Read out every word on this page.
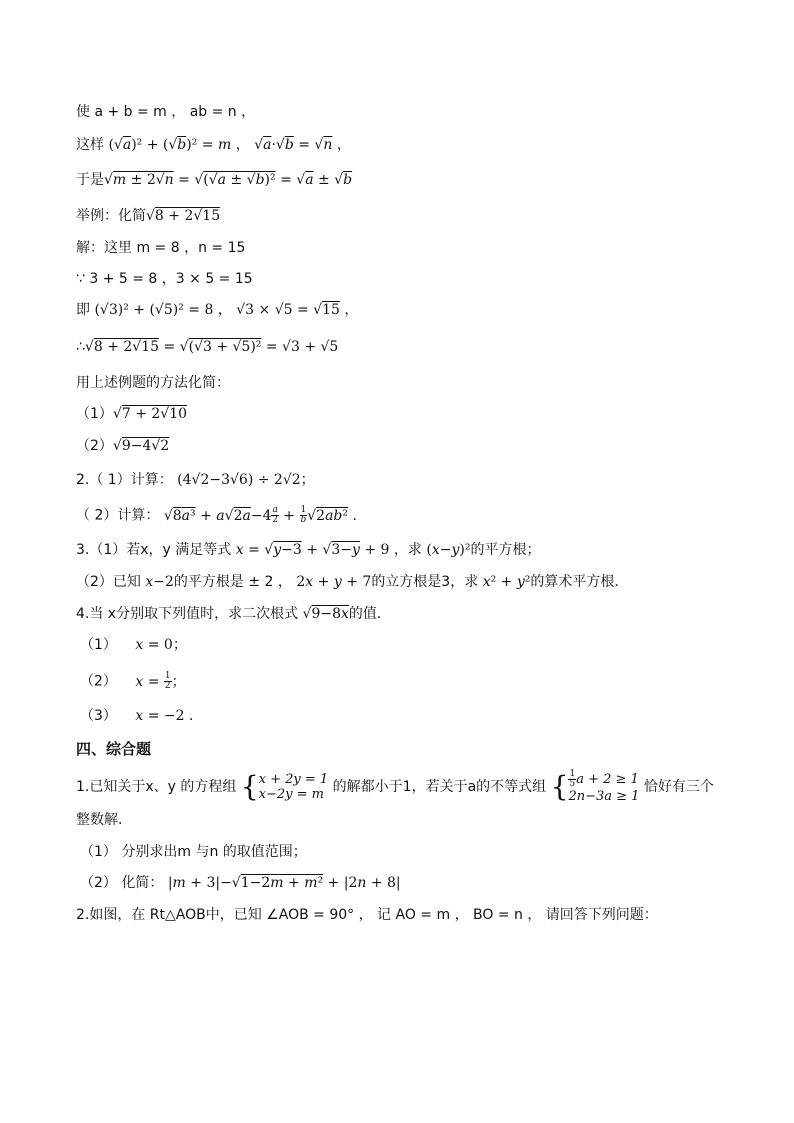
使 a + b = m ， ab = n ，
这样 (√a)² + (√b)² = m ， √a·√b = √n ，
于是√m ± 2√n = √(√a ± √b)² = √a ± √b
举例：化简√8 + 2√15
解：这里 m = 8 ，n = 15
∵ 3 + 5 = 8 ，3 × 5 = 15
即 (√3)² + (√5)² = 8 ， √3 × √5 = √15 ，
∴√8 + 2√15 = √(√3 + √5)² = √3 + √5
用上述例题的方法化简：
（1）√7 + 2√10
（2）√9−4√2
2.（ 1）计算： (4√2−3√6) ÷ 2√2；
（ 2）计算： $√8a^3 + a√2a-4 \frac{a}{2} + \frac{1}{b} √2ab^2$ ．
3.（1）若x，y 满足等式 x = √y−3 + √3−y + 9 ，求 (x−y)²的平方根；
（2）已知 x−2的平方根是 ± 2 ， 2x + y + 7的立方根是3，求 x² + y²的算术平方根．
4.当 x分别取下列值时，求二次根式 √9−8x的值．
（1） x = 0；
（2） $x = \frac{1}{2}$ ；
（3） x = −2 ．
四、综合题
1.已知关于x、y 的方程组 { x + 2y = 1
x−2y = m 的解都小于1，若关于a的不等式组 { $\frac{1}{5}$ a + 2 ≥ 1
2n−3a ≥ 1
恰好有三个
整数解.
（1） 分别求出m 与n 的取值范围；
（2） 化简： |m + 3|−√1−2m + m² + |2n + 8|
2.如图，在 Rt△AOB中，已知 ∠AOB = 90° ， 记 AO = m ， BO = n ， 请回答下列问题：
